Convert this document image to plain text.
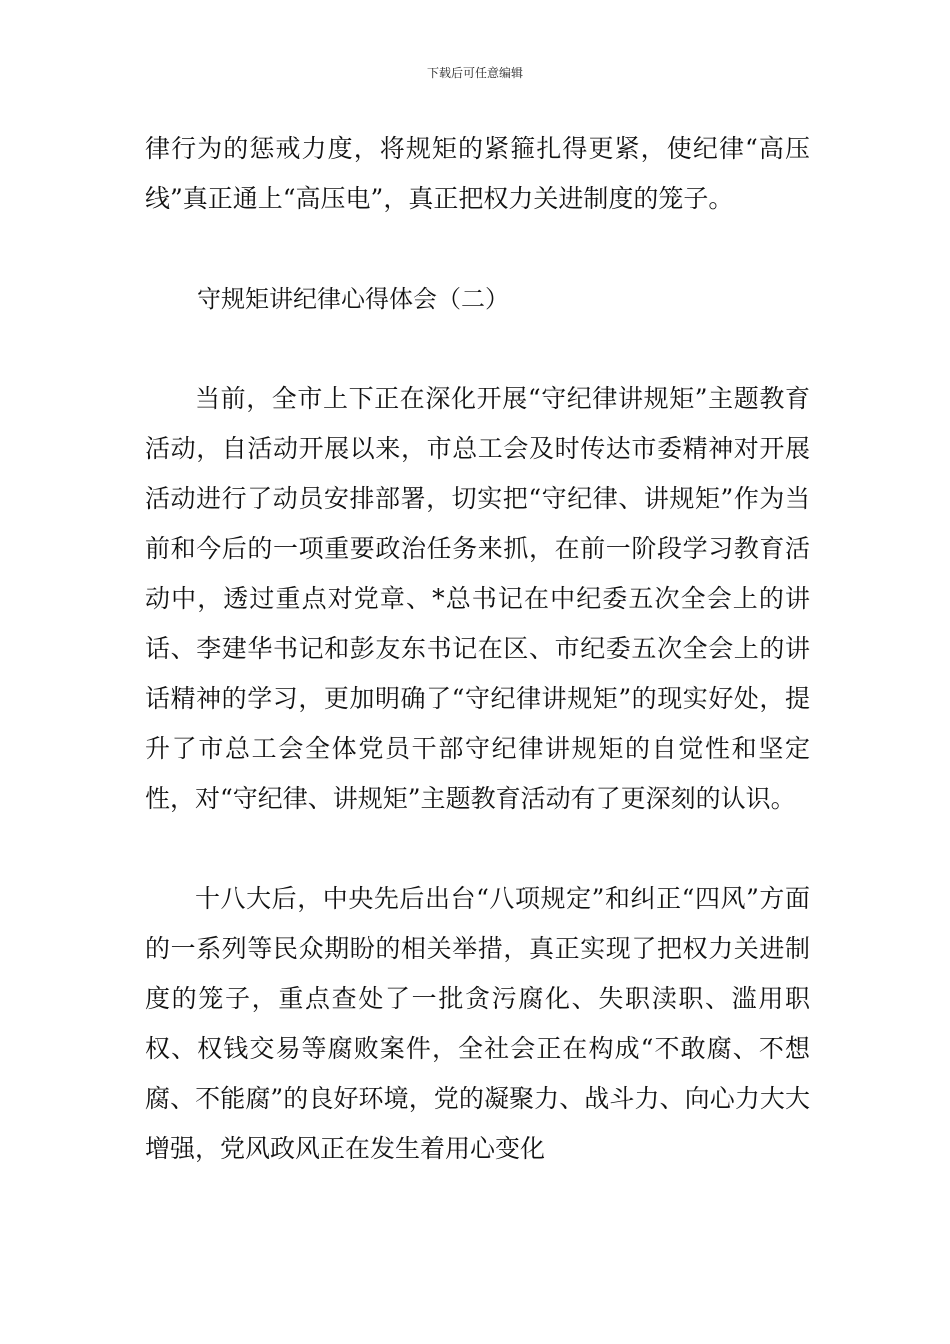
下载后可任意编辑

律行为的惩戒力度，将规矩的紧箍扎得更紧，使纪律“高压线”真正通上“高压电”，真正把权力关进制度的笼子。

守规矩讲纪律心得体会（二）

当前，全市上下正在深化开展“守纪律讲规矩”主题教育活动，自活动开展以来，市总工会及时传达市委精神对开展活动进行了动员安排部署，切实把“守纪律、讲规矩”作为当前和今后的一项重要政治任务来抓，在前一阶段学习教育活动中，透过重点对党章、*总书记在中纪委五次全会上的讲话、李建华书记和彭友东书记在区、市纪委五次全会上的讲话精神的学习，更加明确了“守纪律讲规矩”的现实好处，提升了市总工会全体党员干部守纪律讲规矩的自觉性和坚定性，对“守纪律、讲规矩”主题教育活动有了更深刻的认识。

十八大后，中央先后出台“八项规定”和纠正“四风”方面的一系列等民众期盼的相关举措，真正实现了把权力关进制度的笼子，重点查处了一批贪污腐化、失职渎职、滥用职权、权钱交易等腐败案件，全社会正在构成“不敢腐、不想腐、不能腐”的良好环境，党的凝聚力、战斗力、向心力大大增强，党风政风正在发生着用心变化
